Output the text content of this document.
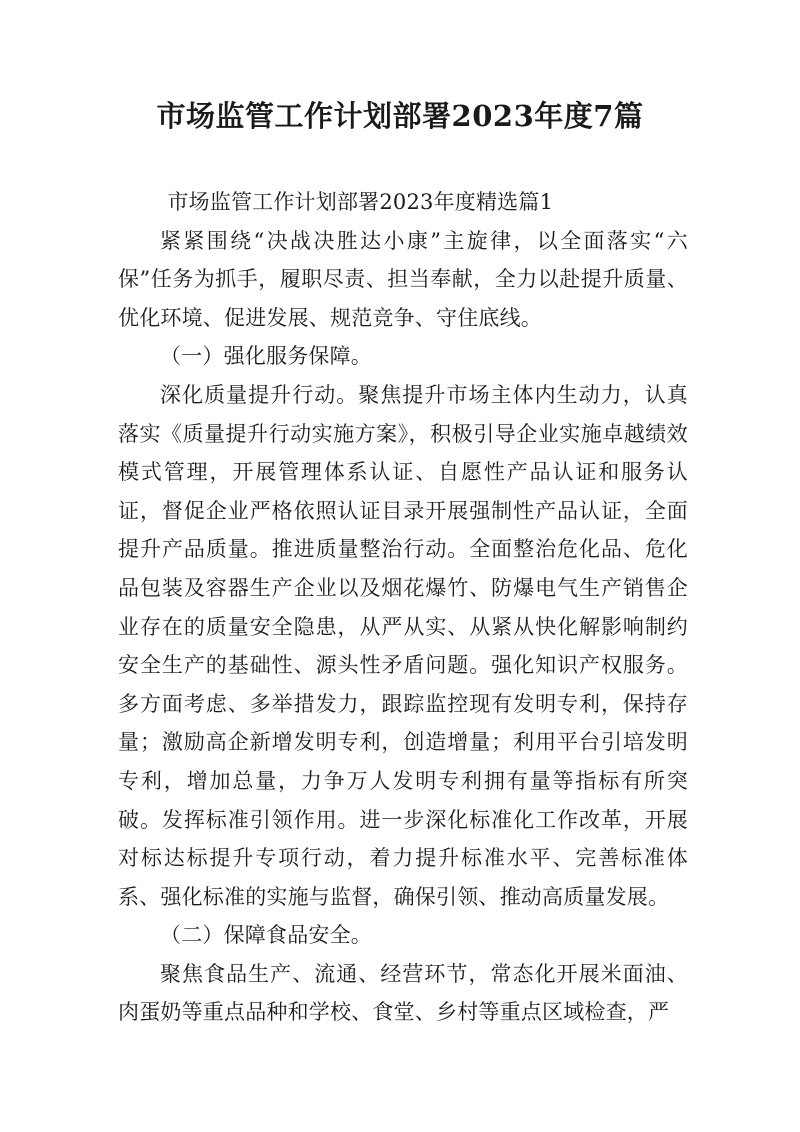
市场监管工作计划部署2023年度7篇

市场监管工作计划部署2023年度精选篇1

紧紧围绕“决战决胜达小康”主旋律，以全面落实“六保”任务为抓手，履职尽责、担当奉献，全力以赴提升质量、优化环境、促进发展、规范竞争、守住底线。

（一）强化服务保障。

深化质量提升行动。聚焦提升市场主体内生动力，认真落实《质量提升行动实施方案》，积极引导企业实施卓越绩效模式管理，开展管理体系认证、自愿性产品认证和服务认证，督促企业严格依照认证目录开展强制性产品认证，全面提升产品质量。推进质量整治行动。全面整治危化品、危化品包装及容器生产企业以及烟花爆竹、防爆电气生产销售企业存在的质量安全隐患，从严从实、从紧从快化解影响制约安全生产的基础性、源头性矛盾问题。强化知识产权服务。多方面考虑、多举措发力，跟踪监控现有发明专利，保持存量；激励高企新增发明专利，创造增量；利用平台引培发明专利，增加总量，力争万人发明专利拥有量等指标有所突破。发挥标准引领作用。进一步深化标准化工作改革，开展对标达标提升专项行动，着力提升标准水平、完善标准体系、强化标准的实施与监督，确保引领、推动高质量发展。

（二）保障食品安全。

聚焦食品生产、流通、经营环节，常态化开展米面油、肉蛋奶等重点品种和学校、食堂、乡村等重点区域检查，严
